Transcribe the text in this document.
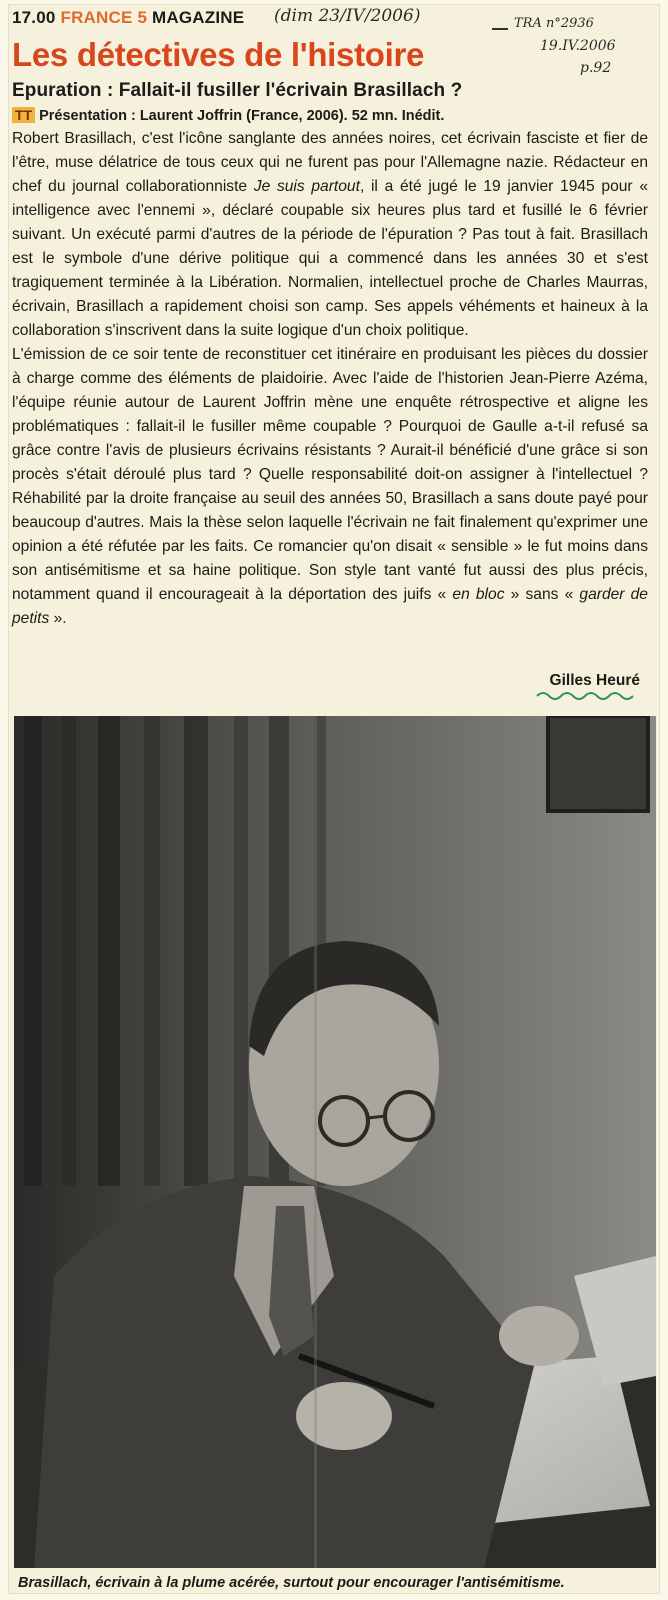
17.00 FRANCE 5 MAGAZINE (dim 23/IV/2006)	TRA n°2936
19.IV.2006
p.92
Les détectives de l'histoire
Epuration : Fallait-il fusiller l'écrivain Brasillach ?
TT Présentation : Laurent Joffrin (France, 2006). 52 mn. Inédit.

Robert Brasillach, c'est l'icône sanglante des années noires, cet écrivain fasciste et fier de l'être, muse délatrice de tous ceux qui ne furent pas pour l'Allemagne nazie. Rédacteur en chef du journal collaborationniste Je suis partout, il a été jugé le 19 janvier 1945 pour « intelligence avec l'ennemi », déclaré coupable six heures plus tard et fusillé le 6 février suivant. Un exécuté parmi d'autres de la période de l'épuration ? Pas tout à fait. Brasillach est le symbole d'une dérive politique qui a commencé dans les années 30 et s'est tragiquement terminée à la Libération. Normalien, intellectuel proche de Charles Maurras, écrivain, Brasillach a rapidement choisi son camp. Ses appels véhéments et haineux à la collaboration s'inscrivent dans la suite logique d'un choix politique.

L'émission de ce soir tente de reconstituer cet itinéraire en produisant les pièces du dossier à charge comme des éléments de plaidoirie. Avec l'aide de l'historien Jean-Pierre Azéma, l'équipe réunie autour de Laurent Joffrin mène une enquête rétrospective et aligne les problématiques : fallait-il le fusiller même coupable ? Pourquoi de Gaulle a-t-il refusé sa grâce contre l'avis de plusieurs écrivains résistants ? Aurait-il bénéficié d'une grâce si son procès s'était déroulé plus tard ? Quelle responsabilité doit-on assigner à l'intellectuel ? Réhabilité par la droite française au seuil des années 50, Brasillach a sans doute payé pour beaucoup d'autres. Mais la thèse selon laquelle l'écrivain ne fait finalement qu'exprimer une opinion a été réfutée par les faits. Ce romancier qu'on disait « sensible » le fut moins dans son antisémitisme et sa haine politique. Son style tant vanté fut aussi des plus précis, notamment quand il encourageait à la déportation des juifs « en bloc » sans « garder de petits ».

Gilles Heuré
Brasillach, écrivain à la plume acérée, surtout pour encourager l'antisémitisme.
